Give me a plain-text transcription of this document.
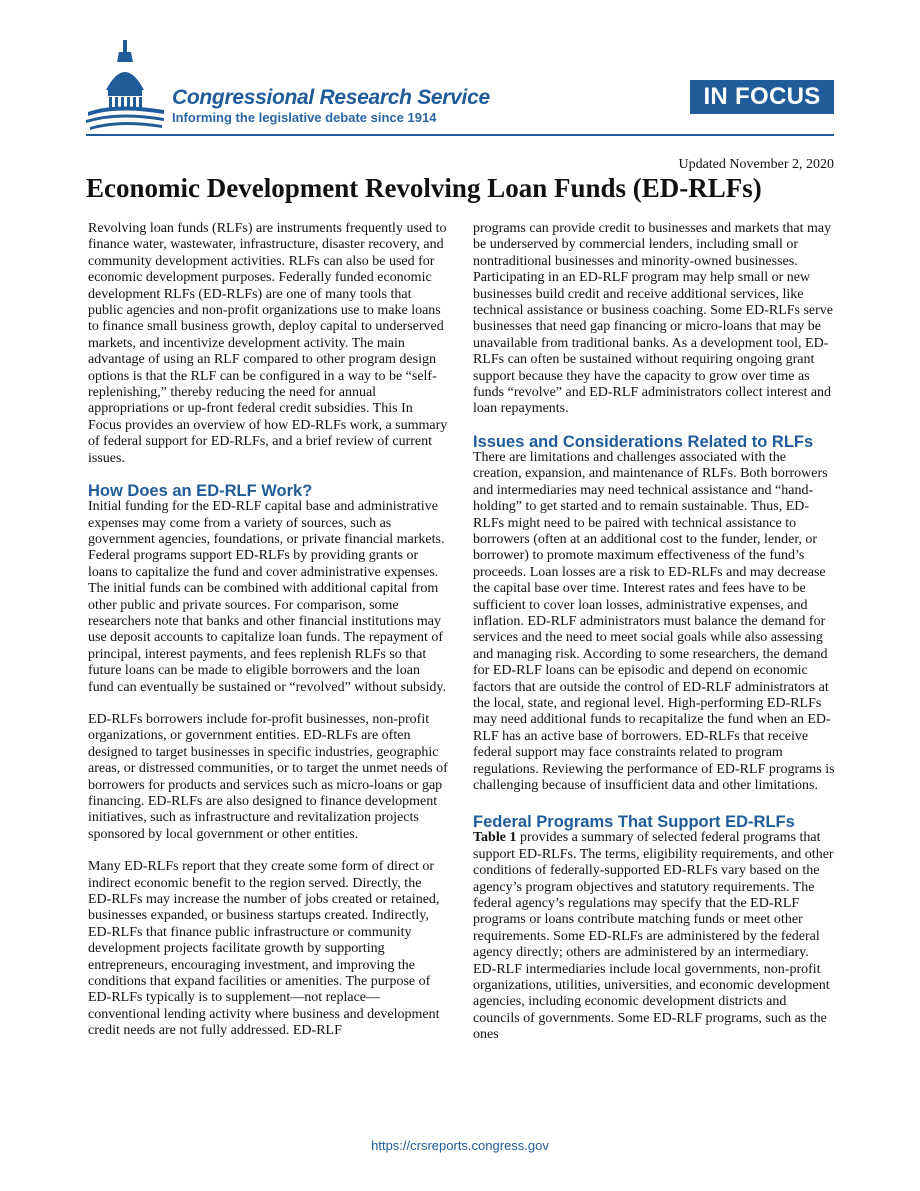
Congressional Research Service
Informing the legislative debate since 1914
IN FOCUS
Updated November 2, 2020
Economic Development Revolving Loan Funds (ED-RLFs)

Revolving loan funds (RLFs) are instruments frequently used to finance water, wastewater, infrastructure, disaster recovery, and community development activities. RLFs can also be used for economic development purposes. Federally funded economic development RLFs (ED-RLFs) are one of many tools that public agencies and non-profit organizations use to make loans to finance small business growth, deploy capital to underserved markets, and incentivize development activity. The main advantage of using an RLF compared to other program design options is that the RLF can be configured in a way to be “self-replenishing,” thereby reducing the need for annual appropriations or up-front federal credit subsidies. This In Focus provides an overview of how ED-RLFs work, a summary of federal support for ED-RLFs, and a brief review of current issues.

How Does an ED-RLF Work?

Initial funding for the ED-RLF capital base and administrative expenses may come from a variety of sources, such as government agencies, foundations, or private financial markets. Federal programs support ED-RLFs by providing grants or loans to capitalize the fund and cover administrative expenses. The initial funds can be combined with additional capital from other public and private sources. For comparison, some researchers note that banks and other financial institutions may use deposit accounts to capitalize loan funds. The repayment of principal, interest payments, and fees replenish RLFs so that future loans can be made to eligible borrowers and the loan fund can eventually be sustained or “revolved” without subsidy.

ED-RLFs borrowers include for-profit businesses, non-profit organizations, or government entities. ED-RLFs are often designed to target businesses in specific industries, geographic areas, or distressed communities, or to target the unmet needs of borrowers for products and services such as micro-loans or gap financing. ED-RLFs are also designed to finance development initiatives, such as infrastructure and revitalization projects sponsored by local government or other entities.

Many ED-RLFs report that they create some form of direct or indirect economic benefit to the region served. Directly, the ED-RLFs may increase the number of jobs created or retained, businesses expanded, or business startups created. Indirectly, ED-RLFs that finance public infrastructure or community development projects facilitate growth by supporting entrepreneurs, encouraging investment, and improving the conditions that expand facilities or amenities. The purpose of ED-RLFs typically is to supplement—not replace—conventional lending activity where business and development credit needs are not fully addressed. ED-RLF

programs can provide credit to businesses and markets that may be underserved by commercial lenders, including small or nontraditional businesses and minority-owned businesses. Participating in an ED-RLF program may help small or new businesses build credit and receive additional services, like technical assistance or business coaching. Some ED-RLFs serve businesses that need gap financing or micro-loans that may be unavailable from traditional banks. As a development tool, ED-RLFs can often be sustained without requiring ongoing grant support because they have the capacity to grow over time as funds “revolve” and ED-RLF administrators collect interest and loan repayments.

Issues and Considerations Related to RLFs

There are limitations and challenges associated with the creation, expansion, and maintenance of RLFs. Both borrowers and intermediaries may need technical assistance and “hand-holding” to get started and to remain sustainable. Thus, ED-RLFs might need to be paired with technical assistance to borrowers (often at an additional cost to the funder, lender, or borrower) to promote maximum effectiveness of the fund’s proceeds. Loan losses are a risk to ED-RLFs and may decrease the capital base over time. Interest rates and fees have to be sufficient to cover loan losses, administrative expenses, and inflation. ED-RLF administrators must balance the demand for services and the need to meet social goals while also assessing and managing risk. According to some researchers, the demand for ED-RLF loans can be episodic and depend on economic factors that are outside the control of ED-RLF administrators at the local, state, and regional level. High-performing ED-RLFs may need additional funds to recapitalize the fund when an ED-RLF has an active base of borrowers. ED-RLFs that receive federal support may face constraints related to program regulations. Reviewing the performance of ED-RLF programs is challenging because of insufficient data and other limitations.

Federal Programs That Support ED-RLFs

Table 1 provides a summary of selected federal programs that support ED-RLFs. The terms, eligibility requirements, and other conditions of federally-supported ED-RLFs vary based on the agency’s program objectives and statutory requirements. The federal agency’s regulations may specify that the ED-RLF programs or loans contribute matching funds or meet other requirements. Some ED-RLFs are administered by the federal agency directly; others are administered by an intermediary. ED-RLF intermediaries include local governments, non-profit organizations, utilities, universities, and economic development agencies, including economic development districts and councils of governments. Some ED-RLF programs, such as the ones

https://crsreports.congress.gov
